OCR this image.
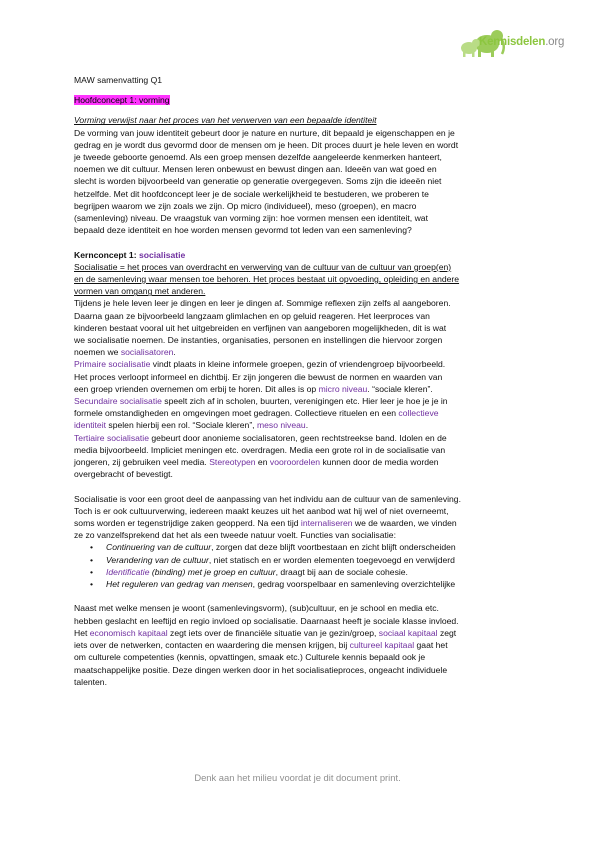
Kennisdelen.org

MAW samenvatting Q1

Hoofdconcept 1: vorming

Vorming verwijst naar het proces van het verwerven van een bepaalde identiteit

De vorming van jouw identiteit gebeurt door je nature en nurture, dit bepaald je eigenschappen en je

gedrag en je wordt dus gevormd door de mensen om je heen. Dit proces duurt je hele leven en wordt

je tweede geboorte genoemd. Als een groep mensen dezelfde aangeleerde kenmerken hanteert,

noemen we dit cultuur. Mensen leren onbewust en bewust dingen aan. Ideeën van wat goed en

slecht is worden bijvoorbeeld van generatie op generatie overgegeven. Soms zijn die ideeën niet

hetzelfde. Met dit hoofdconcept leer je de sociale werkelijkheid te bestuderen, we proberen te

begrijpen waarom we zijn zoals we zijn. Op micro (individueel), meso (groepen), en macro

(samenleving) niveau. De vraagstuk van vorming zijn: hoe vormen mensen een identiteit, wat

bepaald deze identiteit en hoe worden mensen gevormd tot leden van een samenleving?

Kernconcept 1: socialisatie

Socialisatie = het proces van overdracht en verwerving van de cultuur van de cultuur van groep(en)

en de samenleving waar mensen toe behoren. Het proces bestaat uit opvoeding, opleiding en andere

vormen van omgang met anderen.

Tijdens je hele leven leer je dingen en leer je dingen af. Sommige reflexen zijn zelfs al aangeboren.

Daarna gaan ze bijvoorbeeld langzaam glimlachen en op geluid reageren. Het leerproces van

kinderen bestaat vooral uit het uitgebreiden en verfijnen van aangeboren mogelijkheden, dit is wat

we socialisatie noemen. De instanties, organisaties, personen en instellingen die hiervoor zorgen

noemen we socialisatoren.

Primaire socialisatie vindt plaats in kleine informele groepen, gezin of vriendengroep bijvoorbeeld.

Het proces verloopt informeel en dichtbij. Er zijn jongeren die bewust de normen en waarden van

een groep vrienden overnemen om erbij te horen. Dit alles is op micro niveau. “sociale kleren”.

Secundaire socialisatie speelt zich af in scholen, buurten, verenigingen etc. Hier leer je hoe je je in

formele omstandigheden en omgevingen moet gedragen. Collectieve rituelen en een collectieve

identiteit spelen hierbij een rol. “Sociale kleren”, meso niveau.

Tertiaire socialisatie gebeurt door anonieme socialisatoren, geen rechtstreekse band. Idolen en de

media bijvoorbeeld. Impliciet meningen etc. overdragen. Media een grote rol in de socialisatie van

jongeren, zij gebruiken veel media. Stereotypen en vooroordelen kunnen door de media worden

overgebracht of bevestigt.

Socialisatie is voor een groot deel de aanpassing van het individu aan de cultuur van de samenleving.

Toch is er ook cultuurverwing, iedereen maakt keuzes uit het aanbod wat hij wel of niet overneemt,

soms worden er tegenstrijdige zaken geopperd. Na een tijd internaliseren we de waarden, we vinden

ze zo vanzelfsprekend dat het als een tweede natuur voelt. Functies van socialisatie:

• Continuering van de cultuur, zorgen dat deze blijft voortbestaan en zicht blijft onderscheiden
• Verandering van de cultuur, niet statisch en er worden elementen toegevoegd en verwijderd
• Identificatie (binding) met je groep en cultuur, draagt bij aan de sociale cohesie.
• Het reguleren van gedrag van mensen, gedrag voorspelbaar en samenleving overzichtelijke

Naast met welke mensen je woont (samenlevingsvorm), (sub)cultuur, en je school en media etc.

hebben geslacht en leeftijd en regio invloed op socialisatie. Daarnaast heeft je sociale klasse invloed.

Het economisch kapitaal zegt iets over de financiële situatie van je gezin/groep, sociaal kapitaal zegt

iets over de netwerken, contacten en waardering die mensen krijgen, bij cultureel kapitaal gaat het

om culturele competenties (kennis, opvattingen, smaak etc.) Culturele kennis bepaald ook je

maatschappelijke positie. Deze dingen werken door in het socialisatieproces, ongeacht individuele

talenten.

Denk aan het milieu voordat je dit document print.
